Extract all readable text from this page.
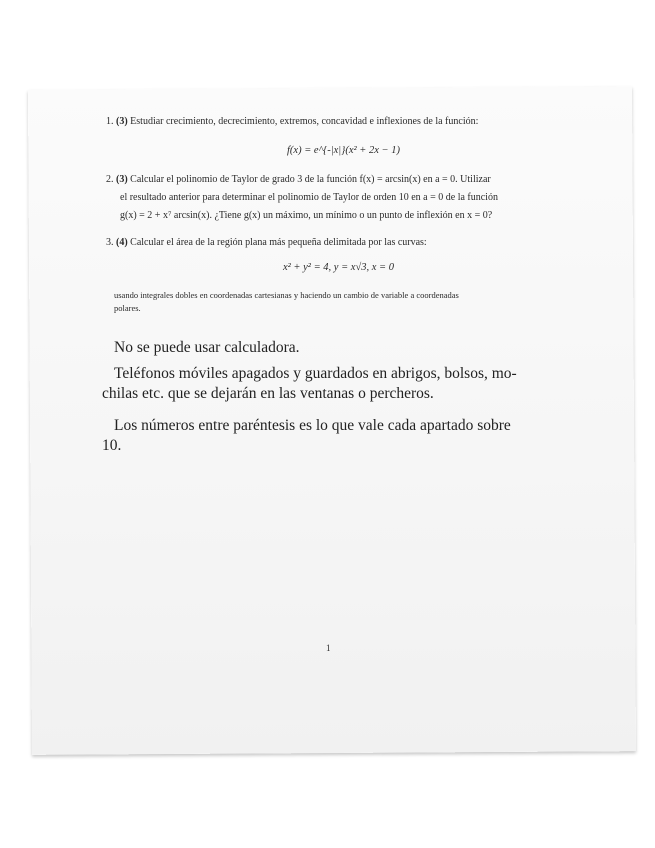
1. (3) Estudiar crecimiento, decrecimiento, extremos, concavidad e inflexiones de la función:
f(x) = e^{-|x|}(x² + 2x − 1)
2. (3) Calcular el polinomio de Taylor de grado 3 de la función f(x) = arcsin(x) en a = 0. Utilizar
el resultado anterior para determinar el polinomio de Taylor de orden 10 en a = 0 de la función
g(x) = 2 + x⁷ arcsin(x). ¿Tiene g(x) un máximo, un mínimo o un punto de inflexión en x = 0?
3. (4) Calcular el área de la región plana más pequeña delimitada por las curvas:
x² + y² = 4, y = x√3, x = 0
usando integrales dobles en coordenadas cartesianas y haciendo un cambio de variable a coordenadas
polares.
No se puede usar calculadora.
Teléfonos móviles apagados y guardados en abrigos, bolsos, mo-
chilas etc. que se dejarán en las ventanas o percheros.
Los números entre paréntesis es lo que vale cada apartado sobre
10.
1
